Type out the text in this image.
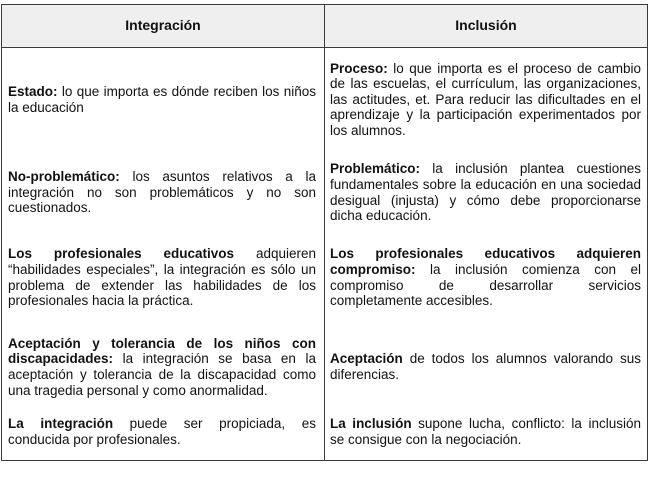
Integración	Inclusión
Estado: lo que importa es dónde reciben los niños la educación	Proceso: lo que importa es el proceso de cambio de las escuelas, el currículum, las organizaciones, las actitudes, et. Para reducir las dificultades en el aprendizaje y la participación experimentados por los alumnos.
No-problemático: los asuntos relativos a la integración no son problemáticos y no son cuestionados.	Problemático: la inclusión plantea cuestiones fundamentales sobre la educación en una sociedad desigual (injusta) y cómo debe proporcionarse dicha educación.
Los profesionales educativos adquieren “habilidades especiales”, la integración es sólo un problema de extender las habilidades de los profesionales hacia la práctica.	Los profesionales educativos adquieren compromiso: la inclusión comienza con el compromiso de desarrollar servicios completamente accesibles.
Aceptación y tolerancia de los niños con discapacidades: la integración se basa en la aceptación y tolerancia de la discapacidad como una tragedia personal y como anormalidad.	Aceptación de todos los alumnos valorando sus diferencias.
La integración puede ser propiciada, es conducida por profesionales.	La inclusión supone lucha, conflicto: la inclusión se consigue con la negociación.
